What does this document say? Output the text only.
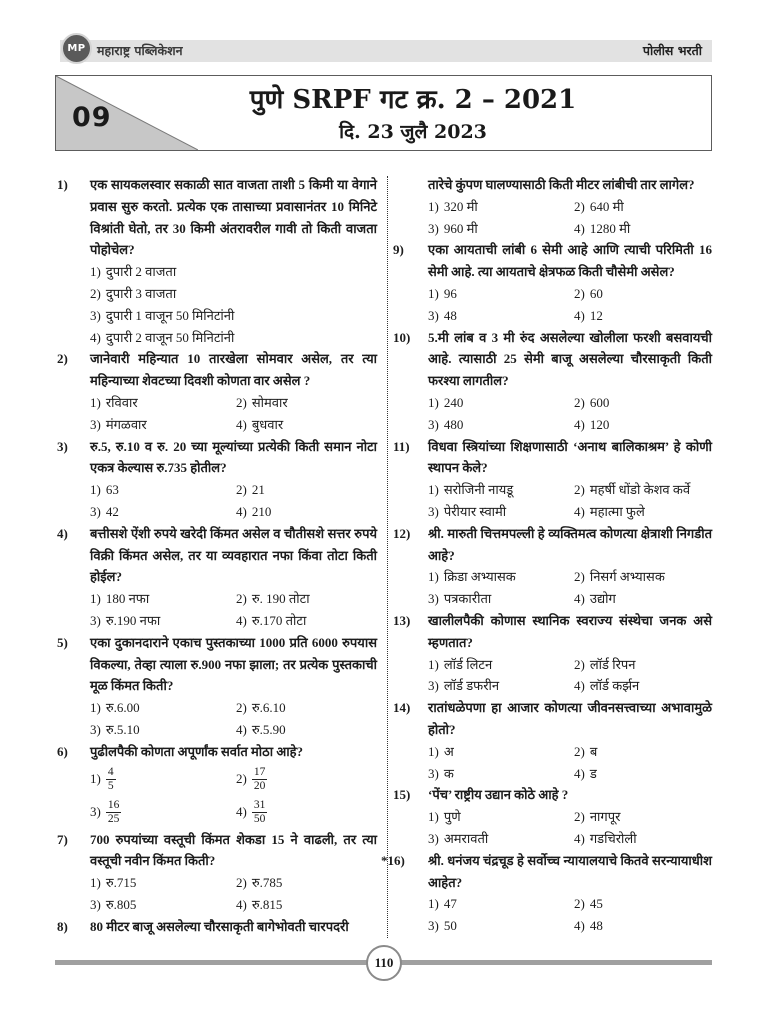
MP महाराष्ट्र पब्लिकेशन	पोलीस भरती
09
पुणे SRPF गट क्र. 2 – 2021
दि. 23 जुलै 2023
1) एक सायकलस्वार सकाळी सात वाजता ताशी 5 किमी या वेगाने प्रवास सुरु करतो. प्रत्येक एक तासाच्या प्रवासानंतर 10 मिनिटे विश्रांती घेतो, तर 30 किमी अंतरावरील गावी तो किती वाजता पोहोचेल?
1) दुपारी 2 वाजता
2) दुपारी 3 वाजता
3) दुपारी 1 वाजून 50 मिनिटांनी
4) दुपारी 2 वाजून 50 मिनिटांनी
2) जानेवारी महिन्यात 10 तारखेला सोमवार असेल, तर त्या महिन्याच्या शेवटच्या दिवशी कोणता वार असेल ?
1) रविवार	2) सोमवार
3) मंगळवार	4) बुधवार
3) रु.5, रु.10 व रु. 20 च्या मूल्यांच्या प्रत्येकी किती समान नोटा एकत्र केल्यास रु.735 होतील?
1) 63	2) 21
3) 42	4) 210
4) बत्तीसशे ऐंशी रुपये खरेदी किंमत असेल व चौतीसशे सत्तर रुपये विक्री किंमत असेल, तर या व्यवहारात नफा किंवा तोटा किती होईल?
1) 180 नफा	2) रु. 190 तोटा
3) रु.190 नफा	4) रु.170 तोटा
5) एका दुकानदाराने एकाच पुस्तकाच्या 1000 प्रति 6000 रुपयास विकल्या, तेव्हा त्याला रु.900 नफा झाला; तर प्रत्येक पुस्तकाची मूळ किंमत किती?
1) रु.6.00	2) रु.6.10
3) रु.5.10	4) रु.5.90
6) पुढीलपैकी कोणता अपूर्णांक सर्वात मोठा आहे?
$1) \frac{4}{5}$	$2) \frac{17}{20}$
$3) \frac{16}{25}$	$4) \frac{31}{50}$
7) 700 रुपयांच्या वस्तूची किंमत शेकडा 15 ने वाढली, तर त्या वस्तूची नवीन किंमत किती?
1) रु.715	2) रु.785
3) रु.805	4) रु.815
8) 80 मीटर बाजू असलेल्या चौरसाकृती बागेभोवती चारपदरी
तारेचे कुंपण घालण्यासाठी किती मीटर लांबीची तार लागेल?
1) 320 मी	2) 640 मी
3) 960 मी	4) 1280 मी
9) एका आयताची लांबी 6 सेमी आहे आणि त्याची परिमिती 16 सेमी आहे. त्या आयताचे क्षेत्रफळ किती चौसेमी असेल?
1) 96	2) 60
3) 48	4) 12
10) 5.मी लांब व 3 मी रुंद असलेल्या खोलीला फरशी बसवायची आहे. त्यासाठी 25 सेमी बाजू असलेल्या चौरसाकृती किती फरश्या लागतील?
1) 240	2) 600
3) 480	4) 120
11) विधवा स्त्रियांच्या शिक्षणासाठी ‘अनाथ बालिकाश्रम’ हे कोणी स्थापन केले?
1) सरोजिनी नायडू	2) महर्षी धोंडो केशव कर्वे
3) पेरीयार स्वामी	4) महात्मा फुले
12) श्री. मारुती चित्तमपल्ली हे व्यक्तिमत्व कोणत्या क्षेत्राशी निगडीत आहे?
1) क्रिडा अभ्यासक	2) निसर्ग अभ्यासक
3) पत्रकारीता	4) उद्योग
13) खालीलपैकी कोणास स्थानिक स्वराज्य संस्थेचा जनक असे म्हणतात?
1) लॉर्ड लिटन	2) लॉर्ड रिपन
3) लॉर्ड डफरीन	4) लॉर्ड कर्झन
14) रातांधळेपणा हा आजार कोणत्या जीवनसत्त्वाच्या अभावामुळे होतो?
1) अ	2) ब
3) क	4) ड
15) ‘पेंच’ राष्ट्रीय उद्यान कोठे आहे ?
1) पुणे	2) नागपूर
3) अमरावती	4) गडचिरोली
*16) श्री. धनंजय चंद्रचूड हे सर्वोच्च न्यायालयाचे कितवे सरन्यायाधीश आहेत?
1) 47	2) 45
3) 50	4) 48
110
